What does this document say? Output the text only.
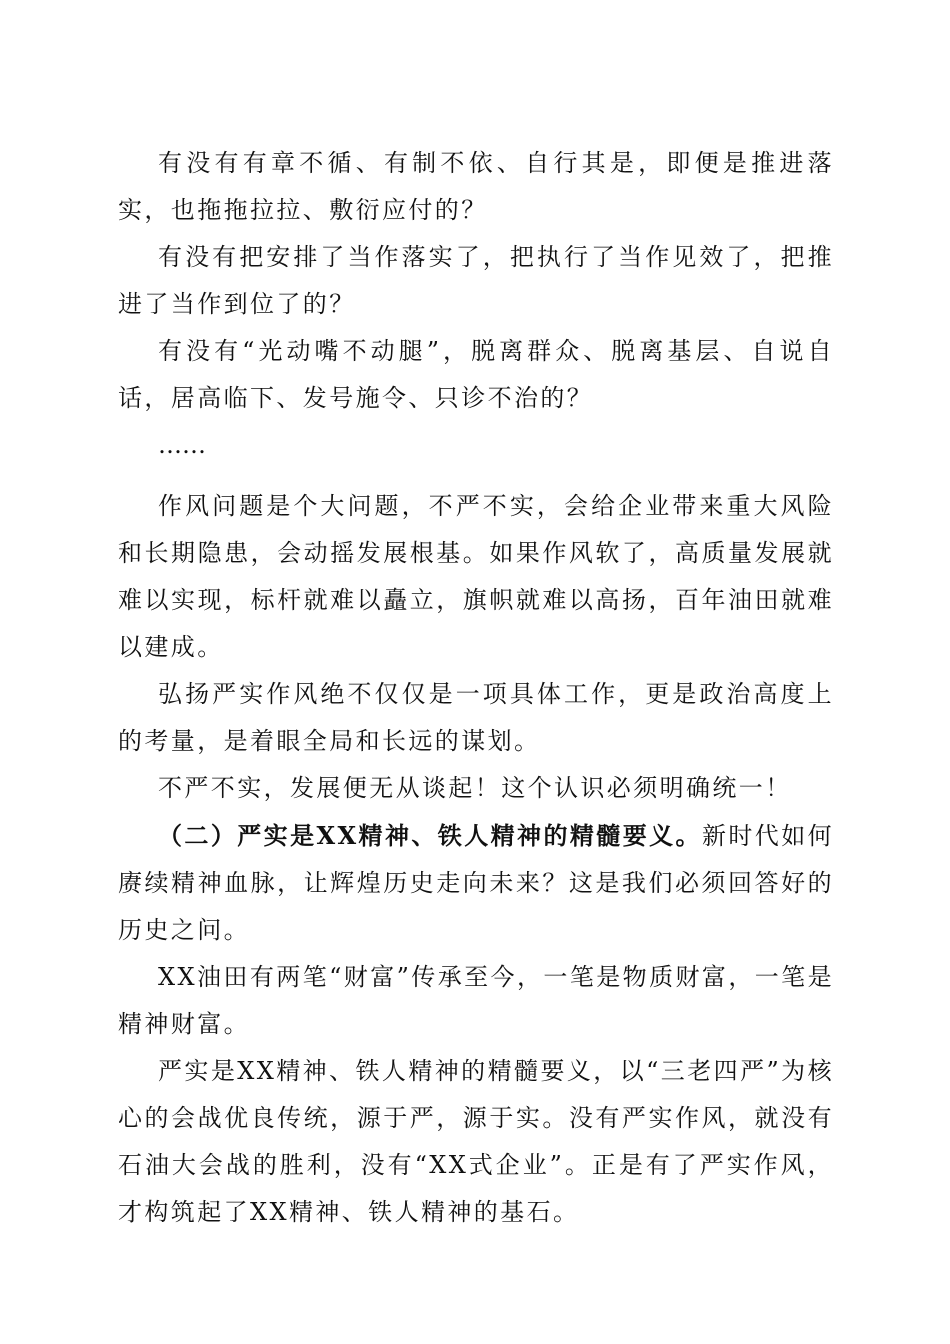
有没有有章不循、有制不依、自行其是，即便是推进落实，也拖拖拉拉、敷衍应付的？

有没有把安排了当作落实了，把执行了当作见效了，把推进了当作到位了的？

有没有“光动嘴不动腿”，脱离群众、脱离基层、自说自话，居高临下、发号施令、只诊不治的？

……

作风问题是个大问题，不严不实，会给企业带来重大风险和长期隐患，会动摇发展根基。如果作风软了，高质量发展就难以实现，标杆就难以矗立，旗帜就难以高扬，百年油田就难以建成。

弘扬严实作风绝不仅仅是一项具体工作，更是政治高度上的考量，是着眼全局和长远的谋划。

不严不实，发展便无从谈起！这个认识必须明确统一！

（二）严实是XX精神、铁人精神的精髓要义。新时代如何赓续精神血脉，让辉煌历史走向未来？这是我们必须回答好的历史之问。

XX油田有两笔“财富”传承至今，一笔是物质财富，一笔是精神财富。

严实是XX精神、铁人精神的精髓要义，以“三老四严”为核心的会战优良传统，源于严，源于实。没有严实作风，就没有石油大会战的胜利，没有“XX式企业”。正是有了严实作风，才构筑起了XX精神、铁人精神的基石。
